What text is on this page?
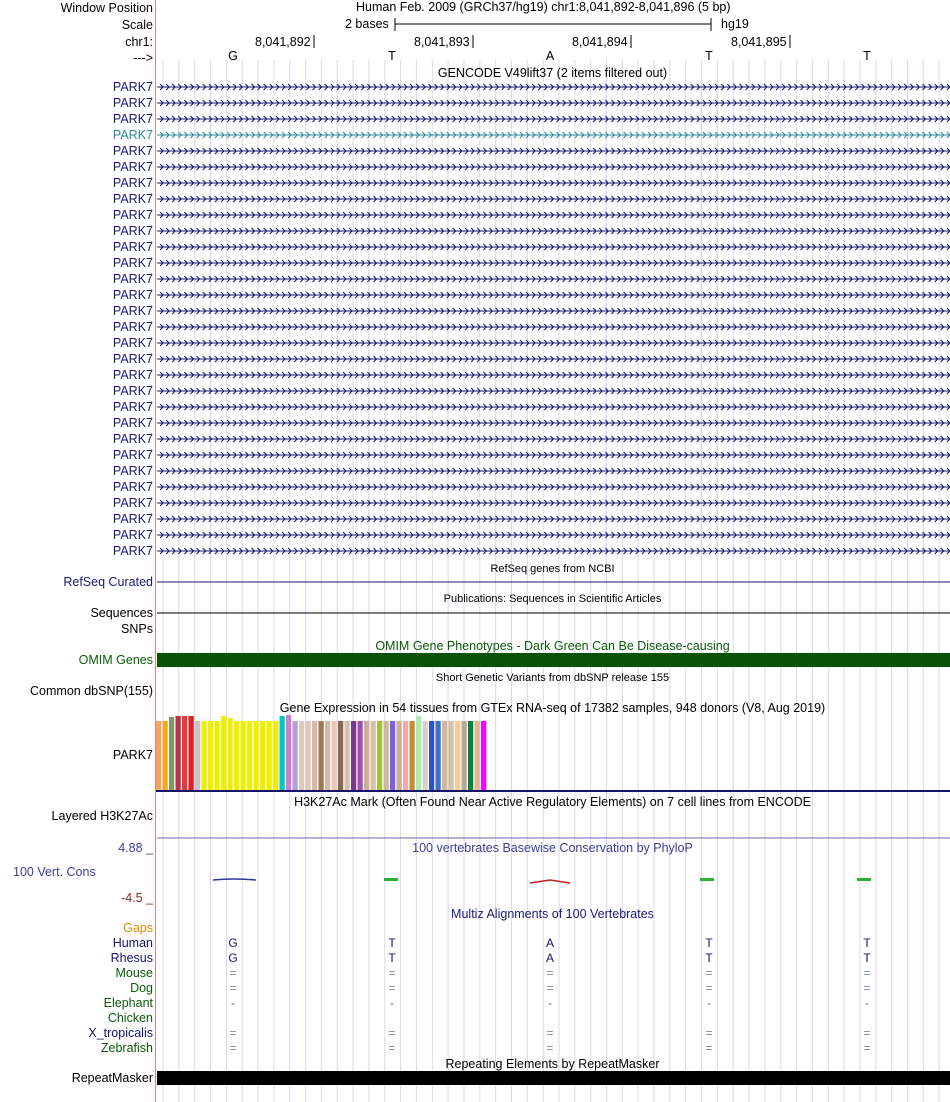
Window Position
Scale
chr1:
--->
Human Feb. 2009 (GRCh37/hg19) chr1:8,041,892-8,041,896 (5 bp)
2 bases	hg19
8,041,892	8,041,893	8,041,894	8,041,895
G	T	A	T	T
GENCODE V49lift37 (2 items filtered out)
PARK7
PARK7
PARK7
PARK7
PARK7
PARK7
PARK7
PARK7
PARK7
PARK7
PARK7
PARK7
PARK7
PARK7
PARK7
PARK7
PARK7
PARK7
PARK7
PARK7
PARK7
PARK7
PARK7
PARK7
PARK7
PARK7
PARK7
PARK7
PARK7
PARK7
RefSeq genes from NCBI
RefSeq Curated
Publications: Sequences in Scientific Articles
Sequences
SNPs
OMIM Gene Phenotypes - Dark Green Can Be Disease-causing
OMIM Genes
Short Genetic Variants from dbSNP release 155
Common dbSNP(155)
Gene Expression in 54 tissues from GTEx RNA-seq of 17382 samples, 948 donors (V8, Aug 2019)
PARK7
H3K27Ac Mark (Often Found Near Active Regulatory Elements) on 7 cell lines from ENCODE
Layered H3K27Ac
100 vertebrates Basewise Conservation by PhyloP
4.88 _
100 Vert. Cons
-4.5 _
Multiz Alignments of 100 Vertebrates
Gaps
Human	G	T	A	T	T
Rhesus	G	T	A	T	T
Mouse	=	=	=	=	=
Dog	=	=	=	=	=
Elephant	-	-	-	-	-
Chicken
X_tropicalis	=	=	=	=	=
Zebrafish	=	=	=	=	=
Repeating Elements by RepeatMasker
RepeatMasker
